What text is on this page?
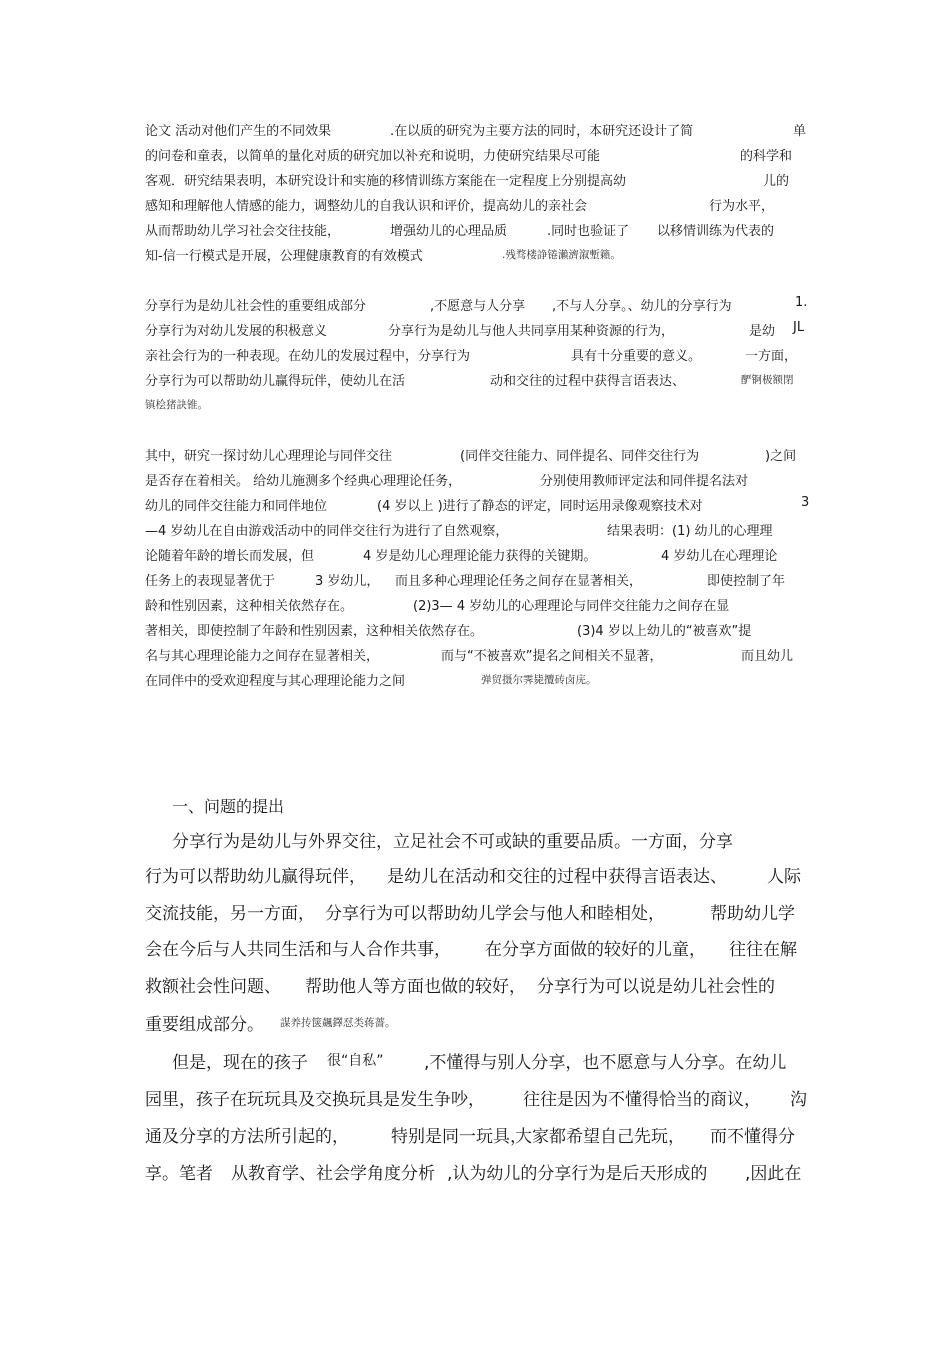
论文 活动对他们产生的不同效果	.在以质的研究为主要方法的同时，本研究还设计了简	单
的问卷和童表，以简单的量化对质的研究加以补充和说明，力使研究结果尽可能	的科学和
客观．研究结果表明，本研究设计和实施的移情训练方案能在一定程度上分别提高幼	儿的
感知和理解他人情感的能力，调整幼儿的自我认识和评价，提高幼儿的亲社会	行为水平，
从而帮助幼儿学习社会交往技能，	增强幼儿的心理品质	.同时也验证了 以移情训练为代表的
知-信一行模式是开展，公理健康教育的有效模式	.残骛楼諍锩瀨濟溆塹籟。
分享行为是幼儿社会性的重要组成部分	,不愿意与人分享 ,不与人分享。、幼儿的分享行为	1.
分享行为对幼儿发展的积极意义	分享行为是幼儿与他人共同享用某种资源的行为，	是幼 JL
亲社会行为的一种表现。在幼儿的发展过程中，分享行为	具有十分重要的意义。	一方面，
分享行为可以帮助幼儿赢得玩伴，使幼儿在活	动和交往的过程中获得言语表达、	酽锕极额閉
镇桧猪訣锥。
其中，研究一探讨幼儿心理理论与同伴交往	(同伴交往能力、同伴提名、同伴交往行为	)之间
是否存在着相关。 给幼儿施测多个经典心理理论任务，	分别使用教师评定法和同伴提名法对
幼儿的同伴交往能力和同伴地位	(4 岁以上 )进行了静态的评定，同时运用录像观察技术对	3
—4 岁幼儿在自由游戏活动中的同伴交往行为进行了自然观察，	结果表明：(1) 幼儿的心理理
论随着年龄的增长而发展，但	4 岁是幼儿心理理论能力获得的关键期。	4 岁幼儿在心理理论
任务上的表现显著优于	3 岁幼儿， 而且多种心理理论任务之间存在显著相关，	即使控制了年
龄和性别因素，这种相关依然存在。	(2)3— 4 岁幼儿的心理理论与同伴交往能力之间存在显
著相关，即使控制了年龄和性别因素，这种相关依然存在。	(3)4 岁以上幼儿的“被喜欢”提
名与其心理理论能力之间存在显著相关，	而与“不被喜欢”提名之间相关不显著，	而且幼儿
在同伴中的受欢迎程度与其心理理论能力之间	弹贸摄尔霁毙攬砖卤庑。
一、问题的提出
分享行为是幼儿与外界交往，立足社会不可或缺的重要品质。一方面，分享
行为可以帮助幼儿赢得玩伴， 是幼儿在活动和交往的过程中获得言语表达、 人际
交流技能，另一方面， 分享行为可以帮助幼儿学会与他人和睦相处，	帮助幼儿学
会在今后与人共同生活和与人合作共事， 在分享方面做的较好的儿童， 往往在解
救额社会性问题、 帮助他人等方面也做的较好， 分享行为可以说是幼儿社会性的
重要组成部分。 謀养抟箧飆鐸怼类蒋薔。
但是，现在的孩子 很“自私” ,不懂得与别人分享，也不愿意与人分享。在幼儿
园里，孩子在玩玩具及交换玩具是发生争吵， 往往是因为不懂得恰当的商议， 沟
通及分享的方法所引起的， 特别是同一玩具，
大家都希望自己先玩， 而不懂得分
享。笔者 从教育学、社会学角度分析 ,认为幼儿的分享行为是后天形成的 ,因此在
